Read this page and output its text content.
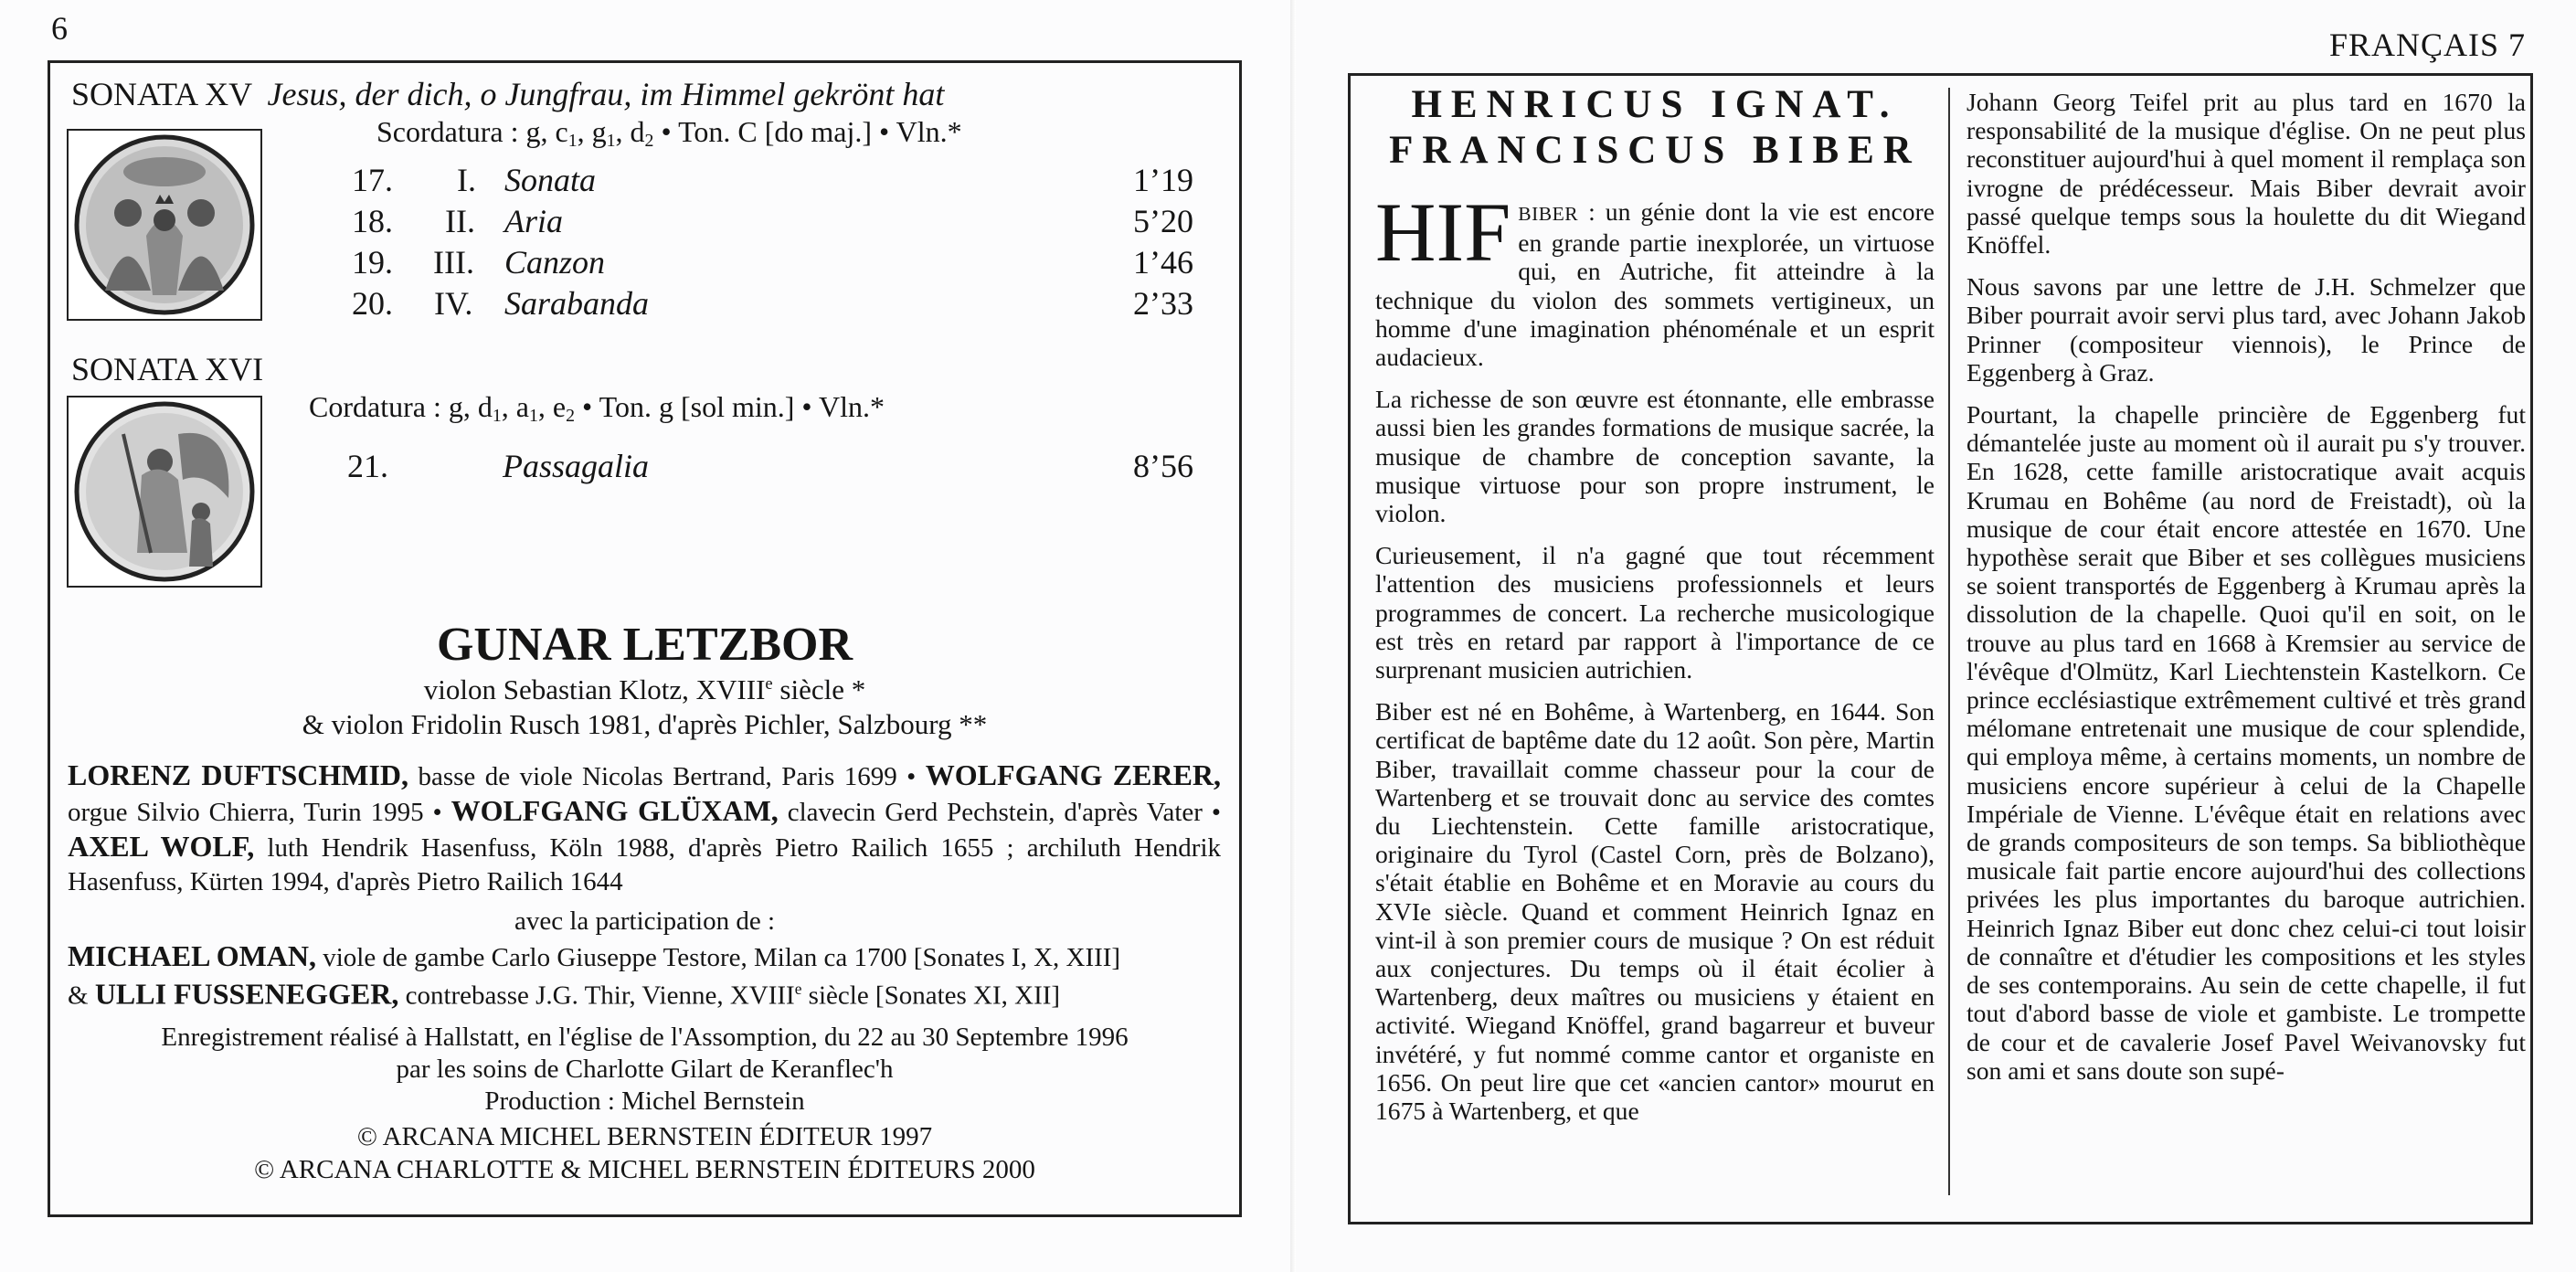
6
SONATA XV Jesus, der dich, o Jungfrau, im Himmel gekrönt hat
Scordatura : g, $c_1$, $g_1$, $d_2$ • Ton. C [do maj.] • Vln.*
17. I. Sonata	1’19
18. II. Aria	5’20
19. III. Canzon	1’46
20. IV. Sarabanda	2’33
SONATA XVI
Cordatura : g, $d_1$, $a_1$, $e_2$ • Ton. g [sol min.] • Vln.*
21.	Passagalia	8’56
GUNAR LETZBOR
violon Sebastian Klotz, XVIIIe siècle *
& violon Fridolin Rusch 1981, d'après Pichler, Salzbourg **
LORENZ DUFTSCHMID, basse de viole Nicolas Bertrand, Paris 1699 • WOLFGANG ZERER, orgue Silvio Chierra, Turin 1995 • WOLFGANG GLÜXAM, clavecin Gerd Pechstein, d'après Vater • AXEL WOLF, luth Hendrik Hasenfuss, Köln 1988, d'après Pietro Railich 1655 ; archiluth Hendrik Hasenfuss, Kürten 1994, d'après Pietro Railich 1644
avec la participation de :
MICHAEL OMAN, viole de gambe Carlo Giuseppe Testore, Milan ca 1700 [Sonates I, X, XIII]
& ULLI FUSSENEGGER, contrebasse J.G. Thir, Vienne, XVIIIe siècle [Sonates XI, XII]
Enregistrement réalisé à Hallstatt, en l'église de l'Assomption, du 22 au 30 Septembre 1996
par les soins de Charlotte Gilart de Keranflec'h
Production : Michel Bernstein
© ARCANA MICHEL BERNSTEIN ÉDITEUR 1997
© ARCANA CHARLOTTE & MICHEL BERNSTEIN ÉDITEURS 2000
FRANÇAIS 7
HENRICUS IGNAT.
FRANCISCUS BIBER

HIF BIBER : un génie dont la vie est encore en grande partie inexplorée, un virtuose qui, en Autriche, fit atteindre à la technique du violon des sommets vertigineux, un homme d'une imagination phénoménale et un esprit audacieux.

La richesse de son œuvre est étonnante, elle embrasse aussi bien les grandes formations de musique sacrée, la musique de chambre de conception savante, la musique virtuose pour son propre instrument, le violon.

Curieusement, il n'a gagné que tout récemment l'attention des musiciens professionnels et leurs programmes de concert. La recherche musicologique est très en retard par rapport à l'importance de ce surprenant musicien autrichien.

Biber est né en Bohême, à Wartenberg, en 1644. Son certificat de baptême date du 12 août. Son père, Martin Biber, travaillait comme chasseur pour la cour de Wartenberg et se trouvait donc au service des comtes du Liechtenstein. Cette famille aristocratique, originaire du Tyrol (Castel Corn, près de Bolzano), s'était établie en Bohême et en Moravie au cours du XVIe siècle. Quand et comment Heinrich Ignaz en vint-il à son premier cours de musique ? On est réduit aux conjectures. Du temps où il était écolier à Wartenberg, deux maîtres ou musiciens y étaient en activité. Wiegand Knöffel, grand bagarreur et buveur invétéré, y fut nommé comme cantor et organiste en 1656. On peut lire que cet «ancien cantor» mourut en 1675 à Wartenberg, et que

Johann Georg Teifel prit au plus tard en 1670 la responsabilité de la musique d'église. On ne peut plus reconstituer aujourd'hui à quel moment il remplaça son ivrogne de prédécesseur. Mais Biber devrait avoir passé quelque temps sous la houlette du dit Wiegand Knöffel.

Nous savons par une lettre de J.H. Schmelzer que Biber pourrait avoir servi plus tard, avec Johann Jakob Prinner (compositeur viennois), le Prince de Eggenberg à Graz.

Pourtant, la chapelle princière de Eggenberg fut démantelée juste au moment où il aurait pu s'y trouver. En 1628, cette famille aristocratique avait acquis Krumau en Bohême (au nord de Freistadt), où la musique de cour était encore attestée en 1670. Une hypothèse serait que Biber et ses collègues musiciens se soient transportés de Eggenberg à Krumau après la dissolution de la chapelle. Quoi qu'il en soit, on le trouve au plus tard en 1668 à Kremsier au service de l'évêque d'Olmütz, Karl Liechtenstein Kastelkorn. Ce prince ecclésiastique extrêmement cultivé et très grand mélomane entretenait une musique de cour splendide, qui employa même, à certains moments, un nombre de musiciens encore supérieur à celui de la Chapelle Impériale de Vienne. L'évêque était en relations avec de grands compositeurs de son temps. Sa bibliothèque musicale fait partie encore aujourd'hui des collections privées les plus importantes du baroque autrichien. Heinrich Ignaz Biber eut donc chez celui-ci tout loisir de connaître et d'étudier les compositions et les styles de ses contemporains. Au sein de cette chapelle, il fut tout d'abord basse de viole et gambiste. Le trompette de cour et de cavalerie Josef Pavel Weivanovsky fut son ami et sans doute son supé-
